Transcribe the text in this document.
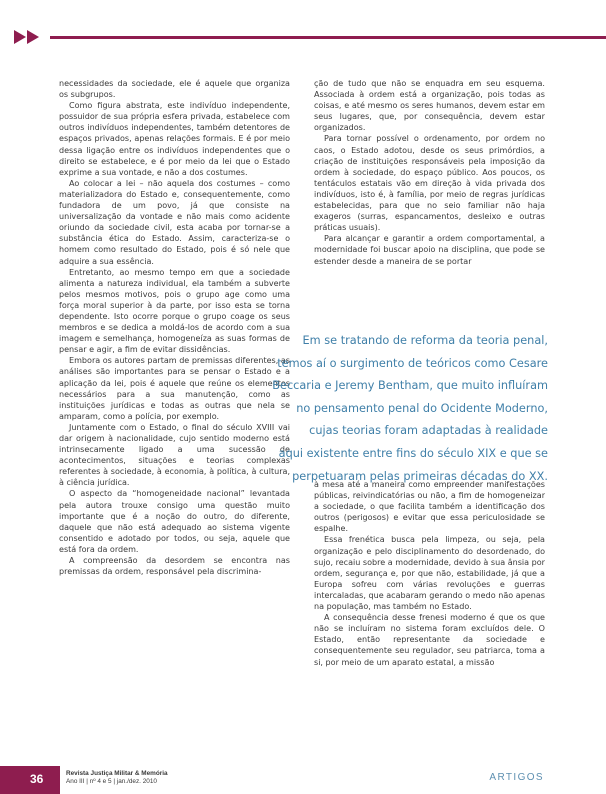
necessidades da sociedade, ele é aquele que organiza os subgrupos.

Como figura abstrata, este indivíduo independente, possuidor de sua própria esfera privada, estabelece com outros indivíduos independentes, também detentores de espaços privados, apenas relações formais. E é por meio dessa ligação entre os indivíduos independentes que o direito se estabelece, e é por meio da lei que o Estado exprime a sua vontade, e não a dos costumes.

Ao colocar a lei – não aquela dos costumes – como materializadora do Estado e, consequentemente, como fundadora de um povo, já que consiste na universalização da vontade e não mais como acidente oriundo da sociedade civil, esta acaba por tornar-se a substância ética do Estado. Assim, caracteriza-se o homem como resultado do Estado, pois é só nele que adquire a sua essência.

Entretanto, ao mesmo tempo em que a sociedade alimenta a natureza individual, ela também a subverte pelos mesmos motivos, pois o grupo age como uma força moral superior à da parte, por isso esta se torna dependente. Isto ocorre porque o grupo coage os seus membros e se dedica a moldá-los de acordo com a sua imagem e semelhança, homogeneíza as suas formas de pensar e agir, a fim de evitar dissidências.

Embora os autores partam de premissas diferentes, as análises são importantes para se pensar o Estado e a aplicação da lei, pois é aquele que reúne os elementos necessários para a sua manutenção, como as instituições jurídicas e todas as outras que nela se amparam, como a polícia, por exemplo.

Juntamente com o Estado, o final do século XVIII vai dar origem à nacionalidade, cujo sentido moderno está intrinsecamente ligado a uma sucessão de acontecimentos, situações e teorias complexas referentes à sociedade, à economia, à política, à cultura, à ciência jurídica.

O aspecto da “homogeneidade nacional” levantada pela autora trouxe consigo uma questão muito importante que é a noção do outro, do diferente, daquele que não está adequado ao sistema vigente consentido e adotado por todos, ou seja, aquele que está fora da ordem.

A compreensão da desordem se encontra nas premissas da ordem, responsável pela discrimina-

ção de tudo que não se enquadra em seu esquema. Associada à ordem está a organização, pois todas as coisas, e até mesmo os seres humanos, devem estar em seus lugares, que, por consequência, devem estar organizados.

Para tornar possível o ordenamento, por ordem no caos, o Estado adotou, desde os seus primórdios, a criação de instituições responsáveis pela imposição da ordem à sociedade, do espaço público. Aos poucos, os tentáculos estatais vão em direção à vida privada dos indivíduos, isto é, à família, por meio de regras jurídicas estabelecidas, para que no seio familiar não haja exageros (surras, espancamentos, desleixo e outras práticas usuais).

Para alcançar e garantir a ordem comportamental, a modernidade foi buscar apoio na disciplina, que pode se estender desde a maneira de se portar

Em se tratando de reforma da teoria penal,
temos aí o surgimento de teóricos como Cesare
Beccaria e Jeremy Bentham, que muito influíram
no pensamento penal do Ocidente Moderno,
cujas teorias foram adaptadas à realidade
aqui existente entre fins do século XIX e que se
perpetuaram pelas primeiras décadas do XX.

à mesa até a maneira como empreender manifestações públicas, reivindicatórias ou não, a fim de homogeneizar a sociedade, o que facilita também a identificação dos outros (perigosos) e evitar que essa periculosidade se espalhe.

Essa frenética busca pela limpeza, ou seja, pela organização e pelo disciplinamento do desordenado, do sujo, recaiu sobre a modernidade, devido à sua ânsia por ordem, segurança e, por que não, estabilidade, já que a Europa sofreu com várias revoluções e guerras intercaladas, que acabaram gerando o medo não apenas na população, mas também no Estado.

A consequência desse frenesi moderno é que os que não se incluíram no sistema foram excluídos dele. O Estado, então representante da sociedade e consequentemente seu regulador, seu patriarca, toma a si, por meio de um aparato estatal, a missão

36	Revista Justiça Militar & Memória
Ano III | nº 4 e 5 | jan./dez. 2010	ARTIGOS
